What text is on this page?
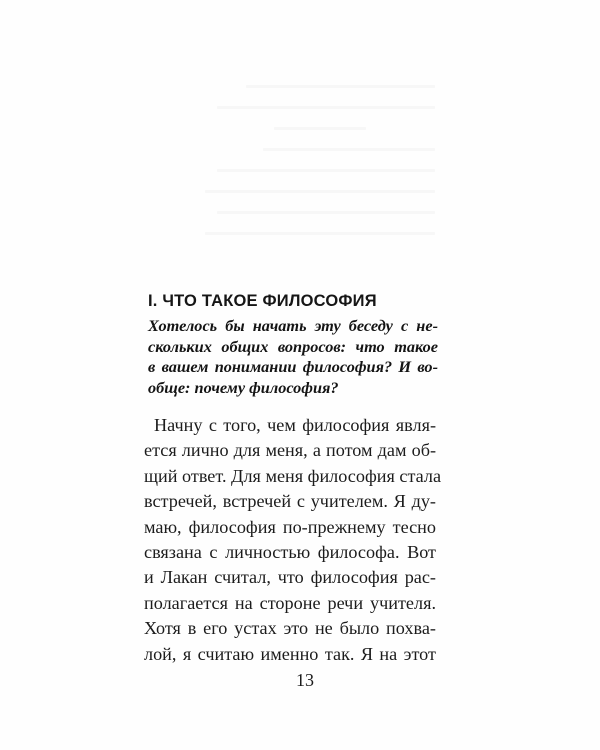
I. ЧТО ТАКОЕ ФИЛОСОФИЯ
Хотелось бы начать эту беседу с не-
скольких общих вопросов: что такое
в вашем понимании философия? И во-
обще: почему философия?
Начну с того, чем философия явля-
ется лично для меня, а потом дам об-
щий ответ. Для меня философия стала
встречей, встречей с учителем. Я ду-
маю, философия по-прежнему тесно
связана с личностью философа. Вот
и Лакан считал, что философия рас-
полагается на стороне речи учителя.
Хотя в его устах это не было похва-
лой, я считаю именно так. Я на этот
13
